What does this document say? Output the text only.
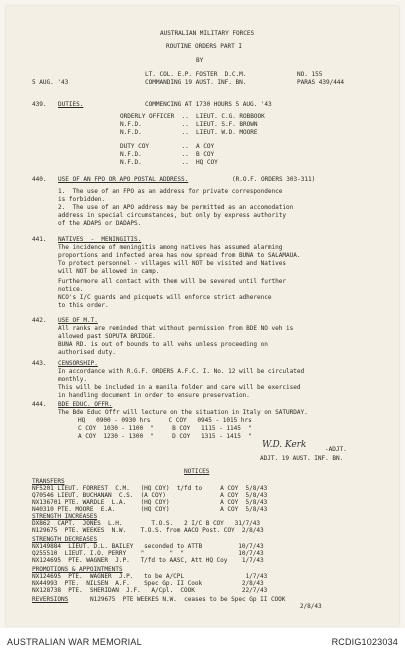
AUSTRALIAN MILITARY FORCES
ROUTINE ORDERS PART I
BY
5 AUG. '43
LT. COL. E.P. FOSTER  D.C.M.
COMMANDING 19 AUST. INF. BN.
NO. 155
PARAS 439/444
439. DUTIES.	COMMENCING AT 1730 HOURS 5 AUG. '43
ORDERLY OFFICER  ..  LIEUT. C.G. ROBBOOK
N.F.D.           ..  LIEUT. S.F. BROWN
N.F.D.           ..  LIEUT. W.D. MOORE
DUTY COY         ..  A COY
N.F.D.           ..  B COY
N.F.D.           ..  HQ COY
440. USE OF AN FPO OR APO POSTAL ADDRESS.	(R.O.F. ORDERS 303-311)
1.  The use of an FPO as an address for private correspondence
is forbidden.
2.  The use of an APO address may be permitted as an accomodation
address in special circumstances, but only by express authority
of the ADAPS or DADAPS.
441. NATIVES  -  MENINGITIS.
The incidence of meningitis among natives has assumed alarming
proportions and infected area has now spread from BUNA to SALAMAUA.
To protect personnel - villages will NOT be visited and Natives
will NOT be allowed in camp.
Furthermore all contact with them will be severed until further
notice.
NCO's I/C guards and picquets will enforce strict adherence
to this order.
442. USE OF M.T.
All ranks are reminded that without permission from BDE NO veh is
allowed past SOPUTA BRIDGE.
BUNA RD. is out of bounds to all vehs unless proceeding on
authorised duty.
443. CENSORSHIP.
In accordance with R.G.F. ORDERS A.F.C. I. No. 12 will be circulated
monthly.
This will be included in a manila folder and care will be exercised
in handling document in order to ensure preservation.
444. BDE EDUC. OFFR.
The Bde Educ Offr will lecture on the situation in Italy on SATURDAY.
HQ   0900 - 0930 hrs     C COY   0945 - 1015 hrs
C COY  1030 - 1100  "     B COY   1115 - 1145  "
A COY  1230 - 1300  "     D COY   1315 - 1415  "
W.D. Kerk	-ADJT.
ADJT. 19 AUST. INF. BN.
NOTICES
TRANSFERS
NF5201 LIEUT. FORREST  C.M.   (HQ COY)  t/fd to     A COY  5/8/43
Q70546 LIEUT. BUCHANAN  C.S.  (A COY)               A COY  5/8/43
NX136701 PTE. WARDLE  L.A.    (HQ COY)              A COY  5/8/43
N40310 PTE. MOORE  E.A.       (HQ COY)              A COY  5/8/43
STRENGTH INCREASES
DX862  CAPT.  JONES  L.H.        T.O.S.   2 I/C B COY   31/7/43
N129675  PTE. WEEKES  N.W.    T.O.S. from AACO Post. COY  2/8/43
STRENGTH DECREASES
NX149884  LIEUT. D.L. BAILEY   seconded to ATTB          10/7/43
Q255510  LIEUT. I.O. PERRY    "       "  "               10/7/43
NX124695  PTE. WAGNER  J.P.   T/fd to AASC, Att HQ Coy    1/7/43
PROMOTIONS & APPOINTMENTS
NX124695  PTE.  WAGNER  J.P.   to be A/CPL                 1/7/43
NX44993  PTE.  NILSEN  A.F.    Spec Gp. II Cook           2/8/43
NX128738  PTE.  SHERIDAN  J.F.   A/Cpl.  COOK             22/7/43
REVERSIONS	N129675  PTE WEEKES N.W.  ceases to be Spec Gp II COOK
2/8/43
AUSTRALIAN WAR MEMORIAL	RCDIG1023034
